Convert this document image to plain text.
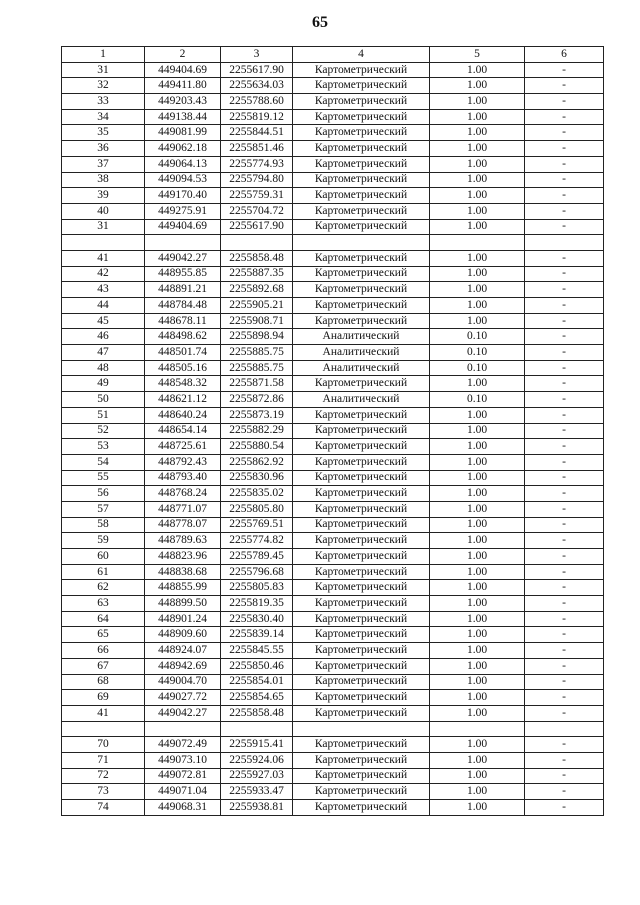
65
1	2	3	4	5	6
31	449404.69	2255617.90	Картометрический	1.00	-
32	449411.80	2255634.03	Картометрический	1.00	-
33	449203.43	2255788.60	Картометрический	1.00	-
34	449138.44	2255819.12	Картометрический	1.00	-
35	449081.99	2255844.51	Картометрический	1.00	-
36	449062.18	2255851.46	Картометрический	1.00	-
37	449064.13	2255774.93	Картометрический	1.00	-
38	449094.53	2255794.80	Картометрический	1.00	-
39	449170.40	2255759.31	Картометрический	1.00	-
40	449275.91	2255704.72	Картометрический	1.00	-
31	449404.69	2255617.90	Картометрический	1.00	-

41	449042.27	2255858.48	Картометрический	1.00	-
42	448955.85	2255887.35	Картометрический	1.00	-
43	448891.21	2255892.68	Картометрический	1.00	-
44	448784.48	2255905.21	Картометрический	1.00	-
45	448678.11	2255908.71	Картометрический	1.00	-
46	448498.62	2255898.94	Аналитический	0.10	-
47	448501.74	2255885.75	Аналитический	0.10	-
48	448505.16	2255885.75	Аналитический	0.10	-
49	448548.32	2255871.58	Картометрический	1.00	-
50	448621.12	2255872.86	Аналитический	0.10	-
51	448640.24	2255873.19	Картометрический	1.00	-
52	448654.14	2255882.29	Картометрический	1.00	-
53	448725.61	2255880.54	Картометрический	1.00	-
54	448792.43	2255862.92	Картометрический	1.00	-
55	448793.40	2255830.96	Картометрический	1.00	-
56	448768.24	2255835.02	Картометрический	1.00	-
57	448771.07	2255805.80	Картометрический	1.00	-
58	448778.07	2255769.51	Картометрический	1.00	-
59	448789.63	2255774.82	Картометрический	1.00	-
60	448823.96	2255789.45	Картометрический	1.00	-
61	448838.68	2255796.68	Картометрический	1.00	-
62	448855.99	2255805.83	Картометрический	1.00	-
63	448899.50	2255819.35	Картометрический	1.00	-
64	448901.24	2255830.40	Картометрический	1.00	-
65	448909.60	2255839.14	Картометрический	1.00	-
66	448924.07	2255845.55	Картометрический	1.00	-
67	448942.69	2255850.46	Картометрический	1.00	-
68	449004.70	2255854.01	Картометрический	1.00	-
69	449027.72	2255854.65	Картометрический	1.00	-
41	449042.27	2255858.48	Картометрический	1.00	-

70	449072.49	2255915.41	Картометрический	1.00	-
71	449073.10	2255924.06	Картометрический	1.00	-
72	449072.81	2255927.03	Картометрический	1.00	-
73	449071.04	2255933.47	Картометрический	1.00	-
74	449068.31	2255938.81	Картометрический	1.00	-
